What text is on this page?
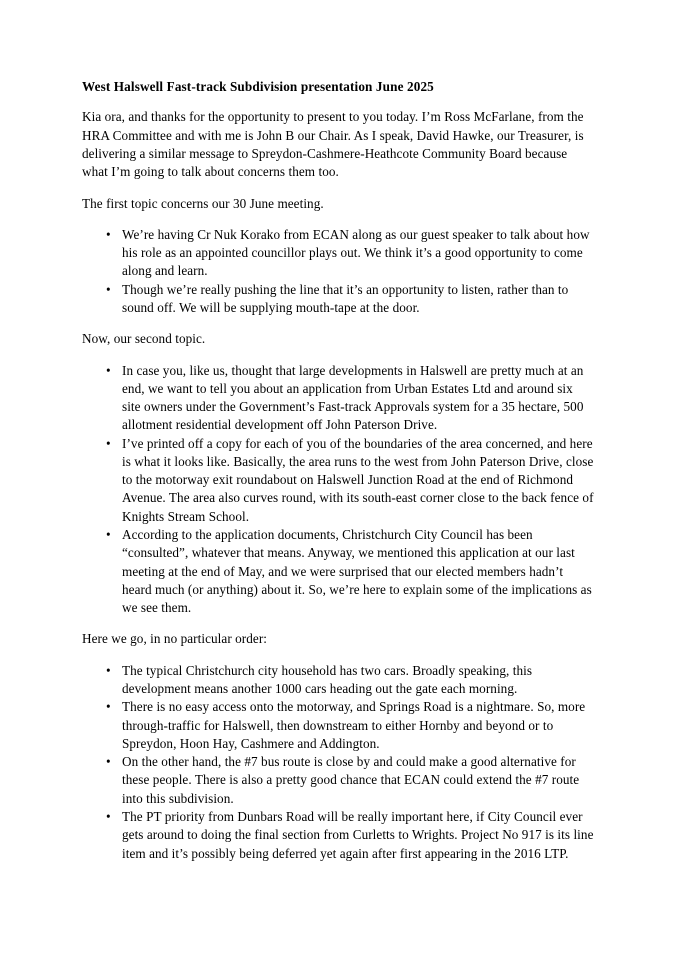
West Halswell Fast-track Subdivision presentation June 2025

Kia ora, and thanks for the opportunity to present to you today. I’m Ross McFarlane, from the HRA Committee and with me is John B our Chair. As I speak, David Hawke, our Treasurer, is delivering a similar message to Spreydon-Cashmere-Heathcote Community Board because what I’m going to talk about concerns them too.

The first topic concerns our 30 June meeting.

• We’re having Cr Nuk Korako from ECAN along as our guest speaker to talk about how his role as an appointed councillor plays out. We think it’s a good opportunity to come along and learn.
• Though we’re really pushing the line that it’s an opportunity to listen, rather than to sound off. We will be supplying mouth-tape at the door.

Now, our second topic.

• In case you, like us, thought that large developments in Halswell are pretty much at an end, we want to tell you about an application from Urban Estates Ltd and around six site owners under the Government’s Fast-track Approvals system for a 35 hectare, 500 allotment residential development off John Paterson Drive.
• I’ve printed off a copy for each of you of the boundaries of the area concerned, and here is what it looks like. Basically, the area runs to the west from John Paterson Drive, close to the motorway exit roundabout on Halswell Junction Road at the end of Richmond Avenue. The area also curves round, with its south-east corner close to the back fence of Knights Stream School.
• According to the application documents, Christchurch City Council has been “consulted”, whatever that means. Anyway, we mentioned this application at our last meeting at the end of May, and we were surprised that our elected members hadn’t heard much (or anything) about it. So, we’re here to explain some of the implications as we see them.

Here we go, in no particular order:

• The typical Christchurch city household has two cars. Broadly speaking, this development means another 1000 cars heading out the gate each morning.
• There is no easy access onto the motorway, and Springs Road is a nightmare. So, more through-traffic for Halswell, then downstream to either Hornby and beyond or to Spreydon, Hoon Hay, Cashmere and Addington.
• On the other hand, the #7 bus route is close by and could make a good alternative for these people. There is also a pretty good chance that ECAN could extend the #7 route into this subdivision.
• The PT priority from Dunbars Road will be really important here, if City Council ever gets around to doing the final section from Curletts to Wrights. Project No 917 is its line item and it’s possibly being deferred yet again after first appearing in the 2016 LTP.
